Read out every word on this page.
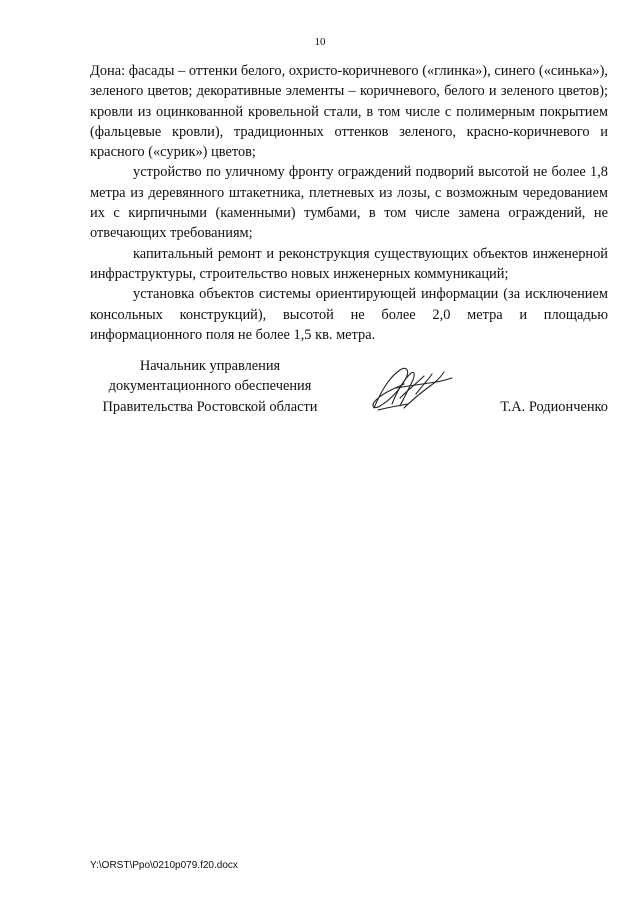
10

Дона: фасады – оттенки белого, охристо-коричневого («глинка»), синего («синька»), зеленого цветов; декоративные элементы – коричневого, белого и зеленого цветов); кровли из оцинкованной кровельной стали, в том числе с полимерным покрытием (фальцевые кровли), традиционных оттенков зеленого, красно-коричневого и красного («сурик») цветов;

устройство по уличному фронту ограждений подворий высотой не более 1,8 метра из деревянного штакетника, плетневых из лозы, с возможным чередованием их с кирпичными (каменными) тумбами, в том числе замена ограждений, не отвечающих требованиям;

капитальный ремонт и реконструкция существующих объектов инженерной инфраструктуры, строительство новых инженерных коммуникаций;

установка объектов системы ориентирующей информации (за исключением консольных конструкций), высотой не более 2,0 метра и площадью информационного поля не более 1,5 кв. метра.

Начальник управления
документационного обеспечения
Правительства Ростовской области	Т.А. Родионченко
Y:\ORST\Ppo\0210p079.f20.docx
